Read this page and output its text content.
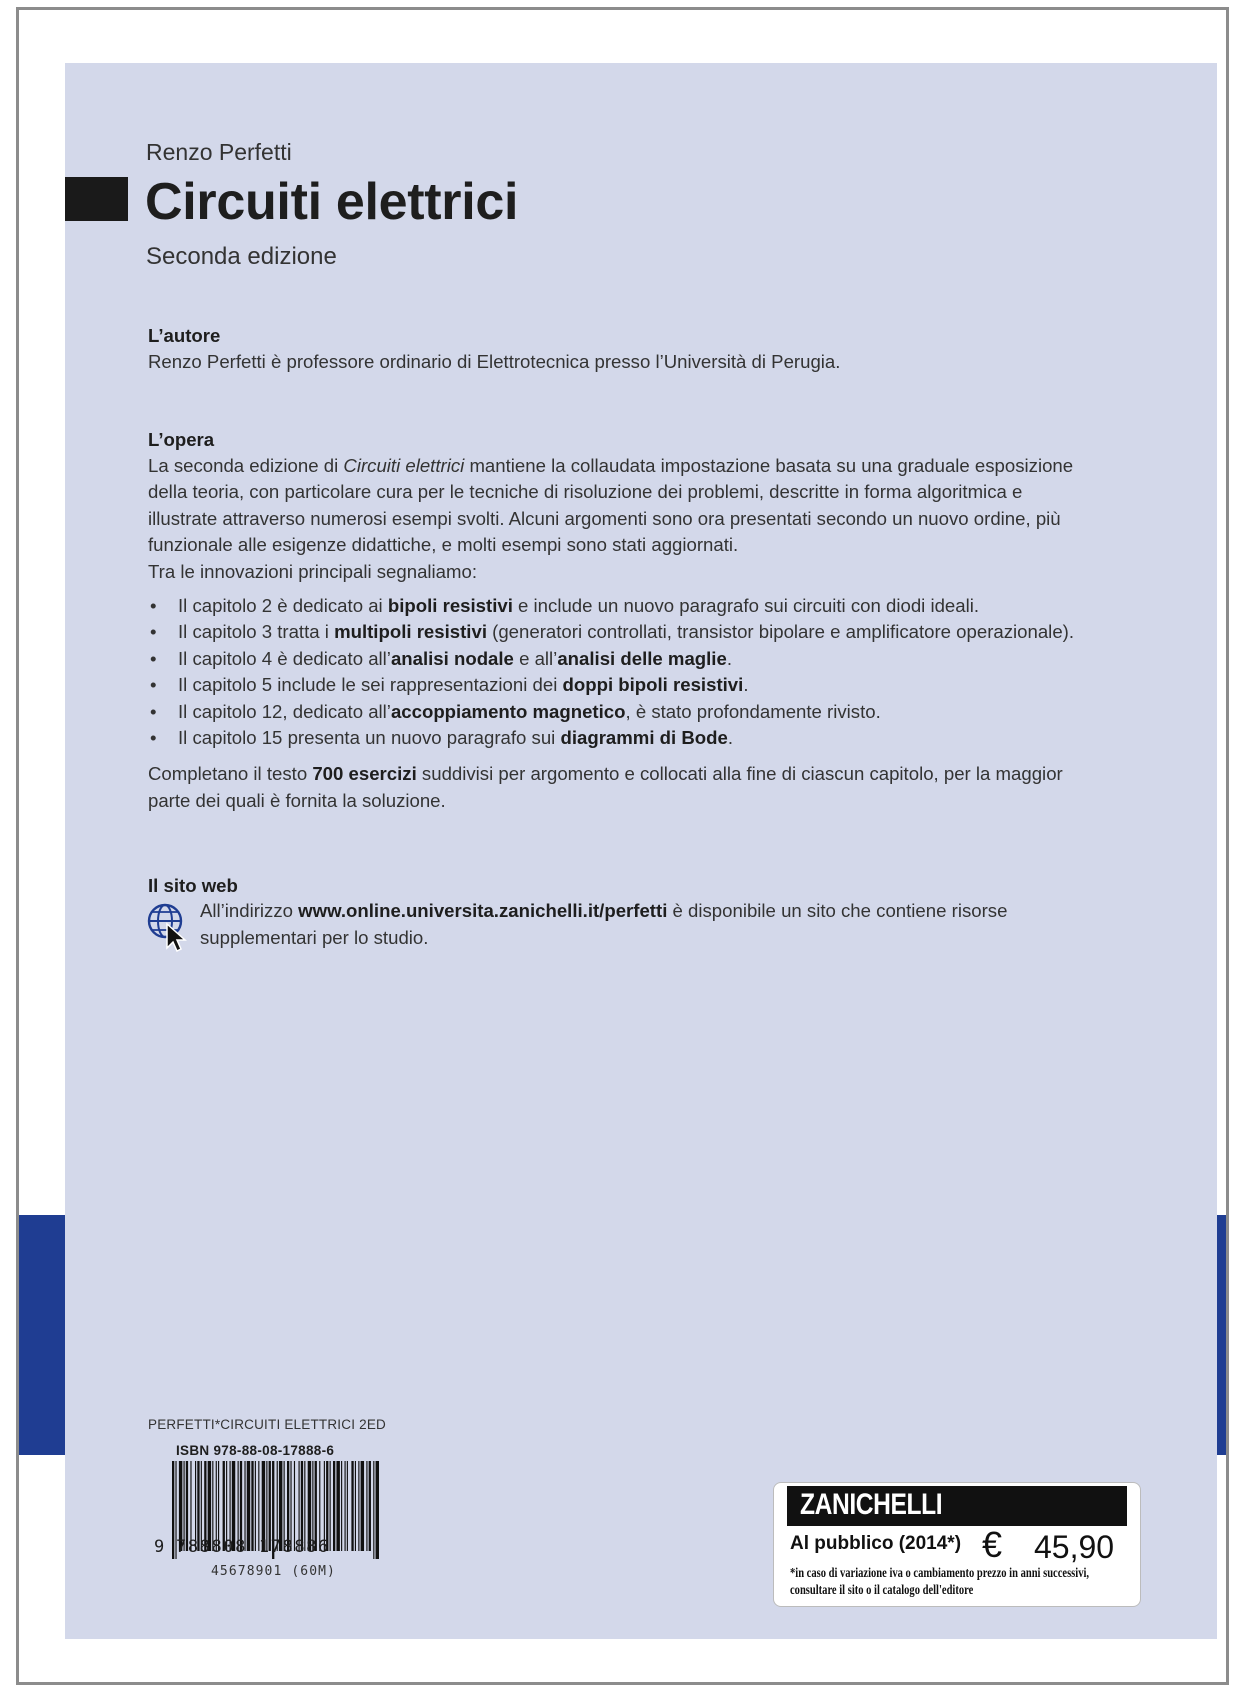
Renzo Perfetti
Circuiti elettrici
Seconda edizione
L’autore

Renzo Perfetti è professore ordinario di Elettrotecnica presso l’Università di Perugia.

L’opera

La seconda edizione di Circuiti elettrici mantiene la collaudata impostazione basata su una graduale esposizione della teoria, con particolare cura per le tecniche di risoluzione dei problemi, descritte in forma algoritmica e illustrate attraverso numerosi esempi svolti. Alcuni argomenti sono ora presentati secondo un nuovo ordine, più funzionale alle esigenze didattiche, e molti esempi sono stati aggiornati.

Tra le innovazioni principali segnaliamo:

• Il capitolo 2 è dedicato ai bipoli resistivi e include un nuovo paragrafo sui circuiti con diodi ideali.
• Il capitolo 3 tratta i multipoli resistivi (generatori controllati, transistor bipolare e amplificatore operazionale).
• Il capitolo 4 è dedicato all’analisi nodale e all’analisi delle maglie.
• Il capitolo 5 include le sei rappresentazioni dei doppi bipoli resistivi.
• Il capitolo 12, dedicato all’accoppiamento magnetico, è stato profondamente rivisto.
• Il capitolo 15 presenta un nuovo paragrafo sui diagrammi di Bode.

Completano il testo 700 esercizi suddivisi per argomento e collocati alla fine di ciascun capitolo, per la maggior parte dei quali è fornita la soluzione.

Il sito web
All’indirizzo www.online.universita.zanichelli.it/perfetti è disponibile un sito che contiene risorse supplementari per lo studio.
PERFETTI*CIRCUITI ELETTRICI 2ED
ISBN 978-88-08-17888-6
9 788808 178886
45678901 (60M)
ZANICHELLI
Al pubblico (2014*) € 45,90
*in caso di variazione iva o cambiamento prezzo in anni successivi,
consultare il sito o il catalogo dell'editore
